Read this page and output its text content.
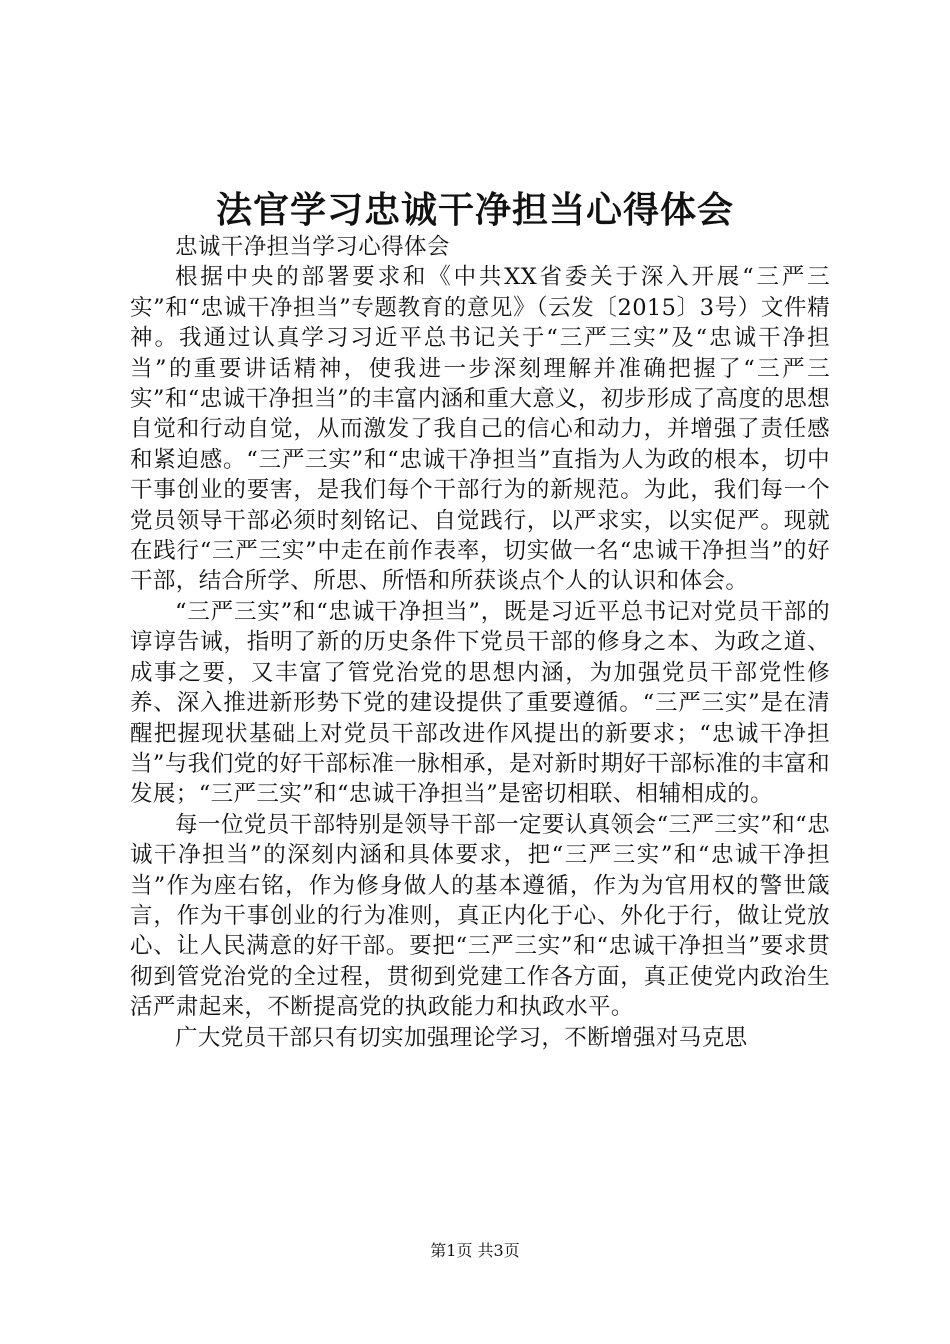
法官学习忠诚干净担当心得体会

忠诚干净担当学习心得体会

根据中央的部署要求和《中共XX省委关于深入开展“三严三实”和“忠诚干净担当”专题教育的意见》（云发〔2015〕3号）文件精神。我通过认真学习习近平总书记关于“三严三实”及“忠诚干净担当”的重要讲话精神，使我进一步深刻理解并准确把握了“三严三实”和“忠诚干净担当”的丰富内涵和重大意义，初步形成了高度的思想自觉和行动自觉，从而激发了我自己的信心和动力，并增强了责任感和紧迫感。“三严三实”和“忠诚干净担当”直指为人为政的根本，切中干事创业的要害，是我们每个干部行为的新规范。为此，我们每一个党员领导干部必须时刻铭记、自觉践行，以严求实，以实促严。现就在践行“三严三实”中走在前作表率，切实做一名“忠诚干净担当”的好干部，结合所学、所思、所悟和所获谈点个人的认识和体会。

“三严三实”和“忠诚干净担当”，既是习近平总书记对党员干部的谆谆告诫，指明了新的历史条件下党员干部的修身之本、为政之道、成事之要，又丰富了管党治党的思想内涵，为加强党员干部党性修养、深入推进新形势下党的建设提供了重要遵循。“三严三实”是在清醒把握现状基础上对党员干部改进作风提出的新要求；“忠诚干净担当”与我们党的好干部标准一脉相承，是对新时期好干部标准的丰富和发展；“三严三实”和“忠诚干净担当”是密切相联、相辅相成的。

每一位党员干部特别是领导干部一定要认真领会“三严三实”和“忠诚干净担当”的深刻内涵和具体要求，把“三严三实”和“忠诚干净担当”作为座右铭，作为修身做人的基本遵循，作为为官用权的警世箴言，作为干事创业的行为准则，真正内化于心、外化于行，做让党放心、让人民满意的好干部。要把“三严三实”和“忠诚干净担当”要求贯彻到管党治党的全过程，贯彻到党建工作各方面，真正使党内政治生活严肃起来，不断提高党的执政能力和执政水平。

广大党员干部只有切实加强理论学习，不断增强对马克思

第1页 共3页
